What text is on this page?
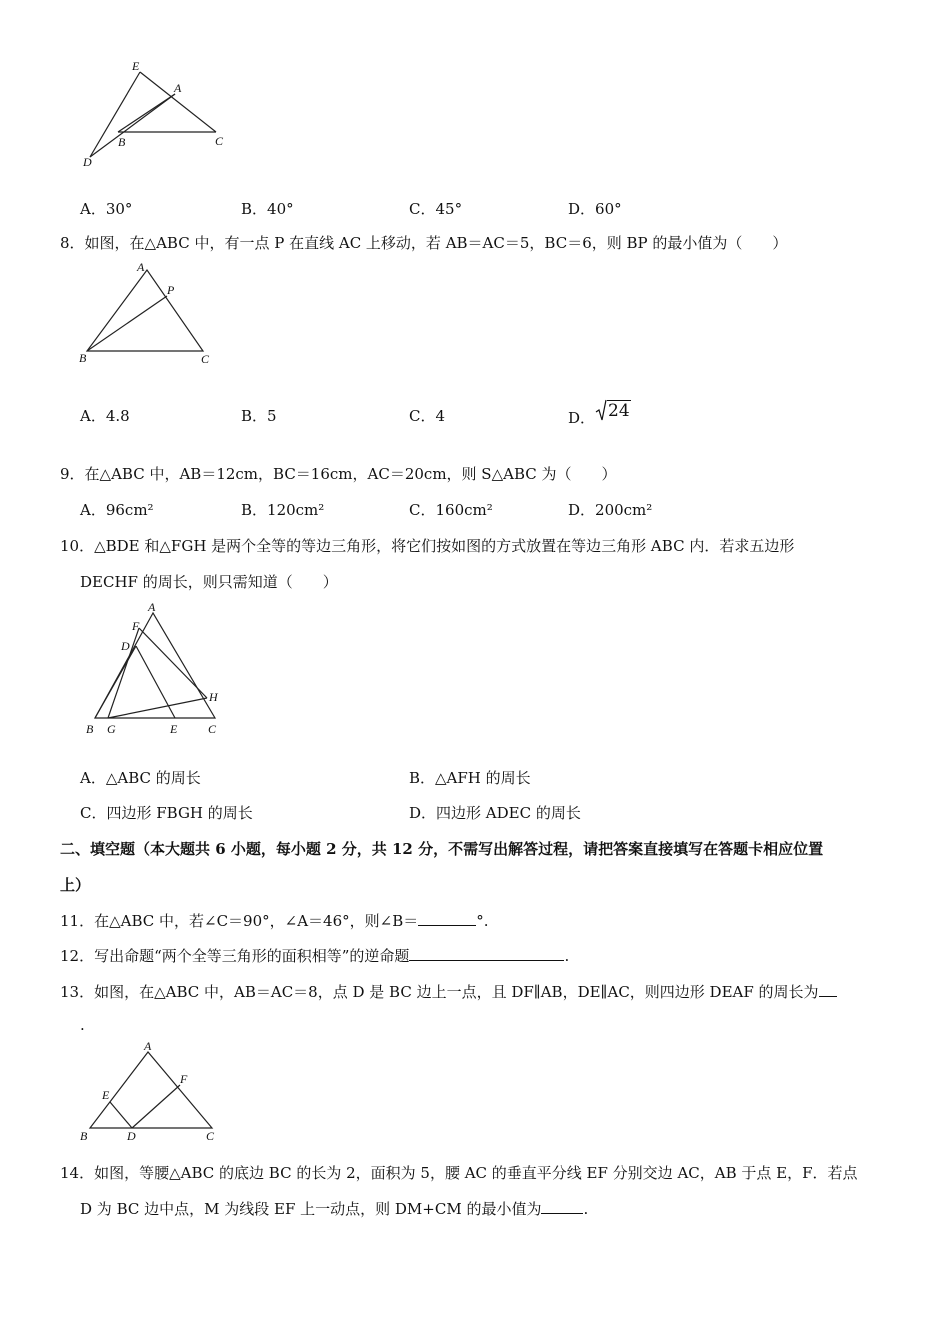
E
A
B	C
D
A．30°	B．40°	C．45°	D．60°
8．如图，在△ABC 中，有一点 P 在直线 AC 上移动，若 AB＝AC＝5，BC＝6，则 BP 的最小值为（　　）
A
P
B	C
A．4.8	B．5	C．4	D． 24
9．在△ABC 中，AB＝12cm，BC＝16cm，AC＝20cm，则 S△ABC 为（　　）
A．96cm²	B．120cm²	C．160cm²	D．200cm²
10．△BDE 和△FGH 是两个全等的等边三角形，将它们按如图的方式放置在等边三角形 ABC 内．若求五边形
DECHF 的周长，则只需知道（　　）
A
F
D
H
B G	E	C
A．△ABC 的周长	B．△AFH 的周长
C．四边形 FBGH 的周长	D．四边形 ADEC 的周长
二、填空题（本大题共 6 小题，每小题 2 分，共 12 分，不需写出解答过程，请把答案直接填写在答题卡相应位置
上）
11．在△ABC 中，若∠C＝90°，∠A＝46°，则∠B＝	°.
12．写出命题“两个全等三角形的面积相等”的逆命题	.
13．如图，在△ABC 中，AB＝AC＝8，点 D 是 BC 边上一点，且 DF∥AB，DE∥AC，则四边形 DEAF 的周长为
.
A
E
F
B	D	C
14．如图，等腰△ABC 的底边 BC 的长为 2，面积为 5，腰 AC 的垂直平分线 EF 分别交边 AC，AB 于点 E，F．若点
D 为 BC 边中点，M 为线段 EF 上一动点，则 DM+CM 的最小值为	.
